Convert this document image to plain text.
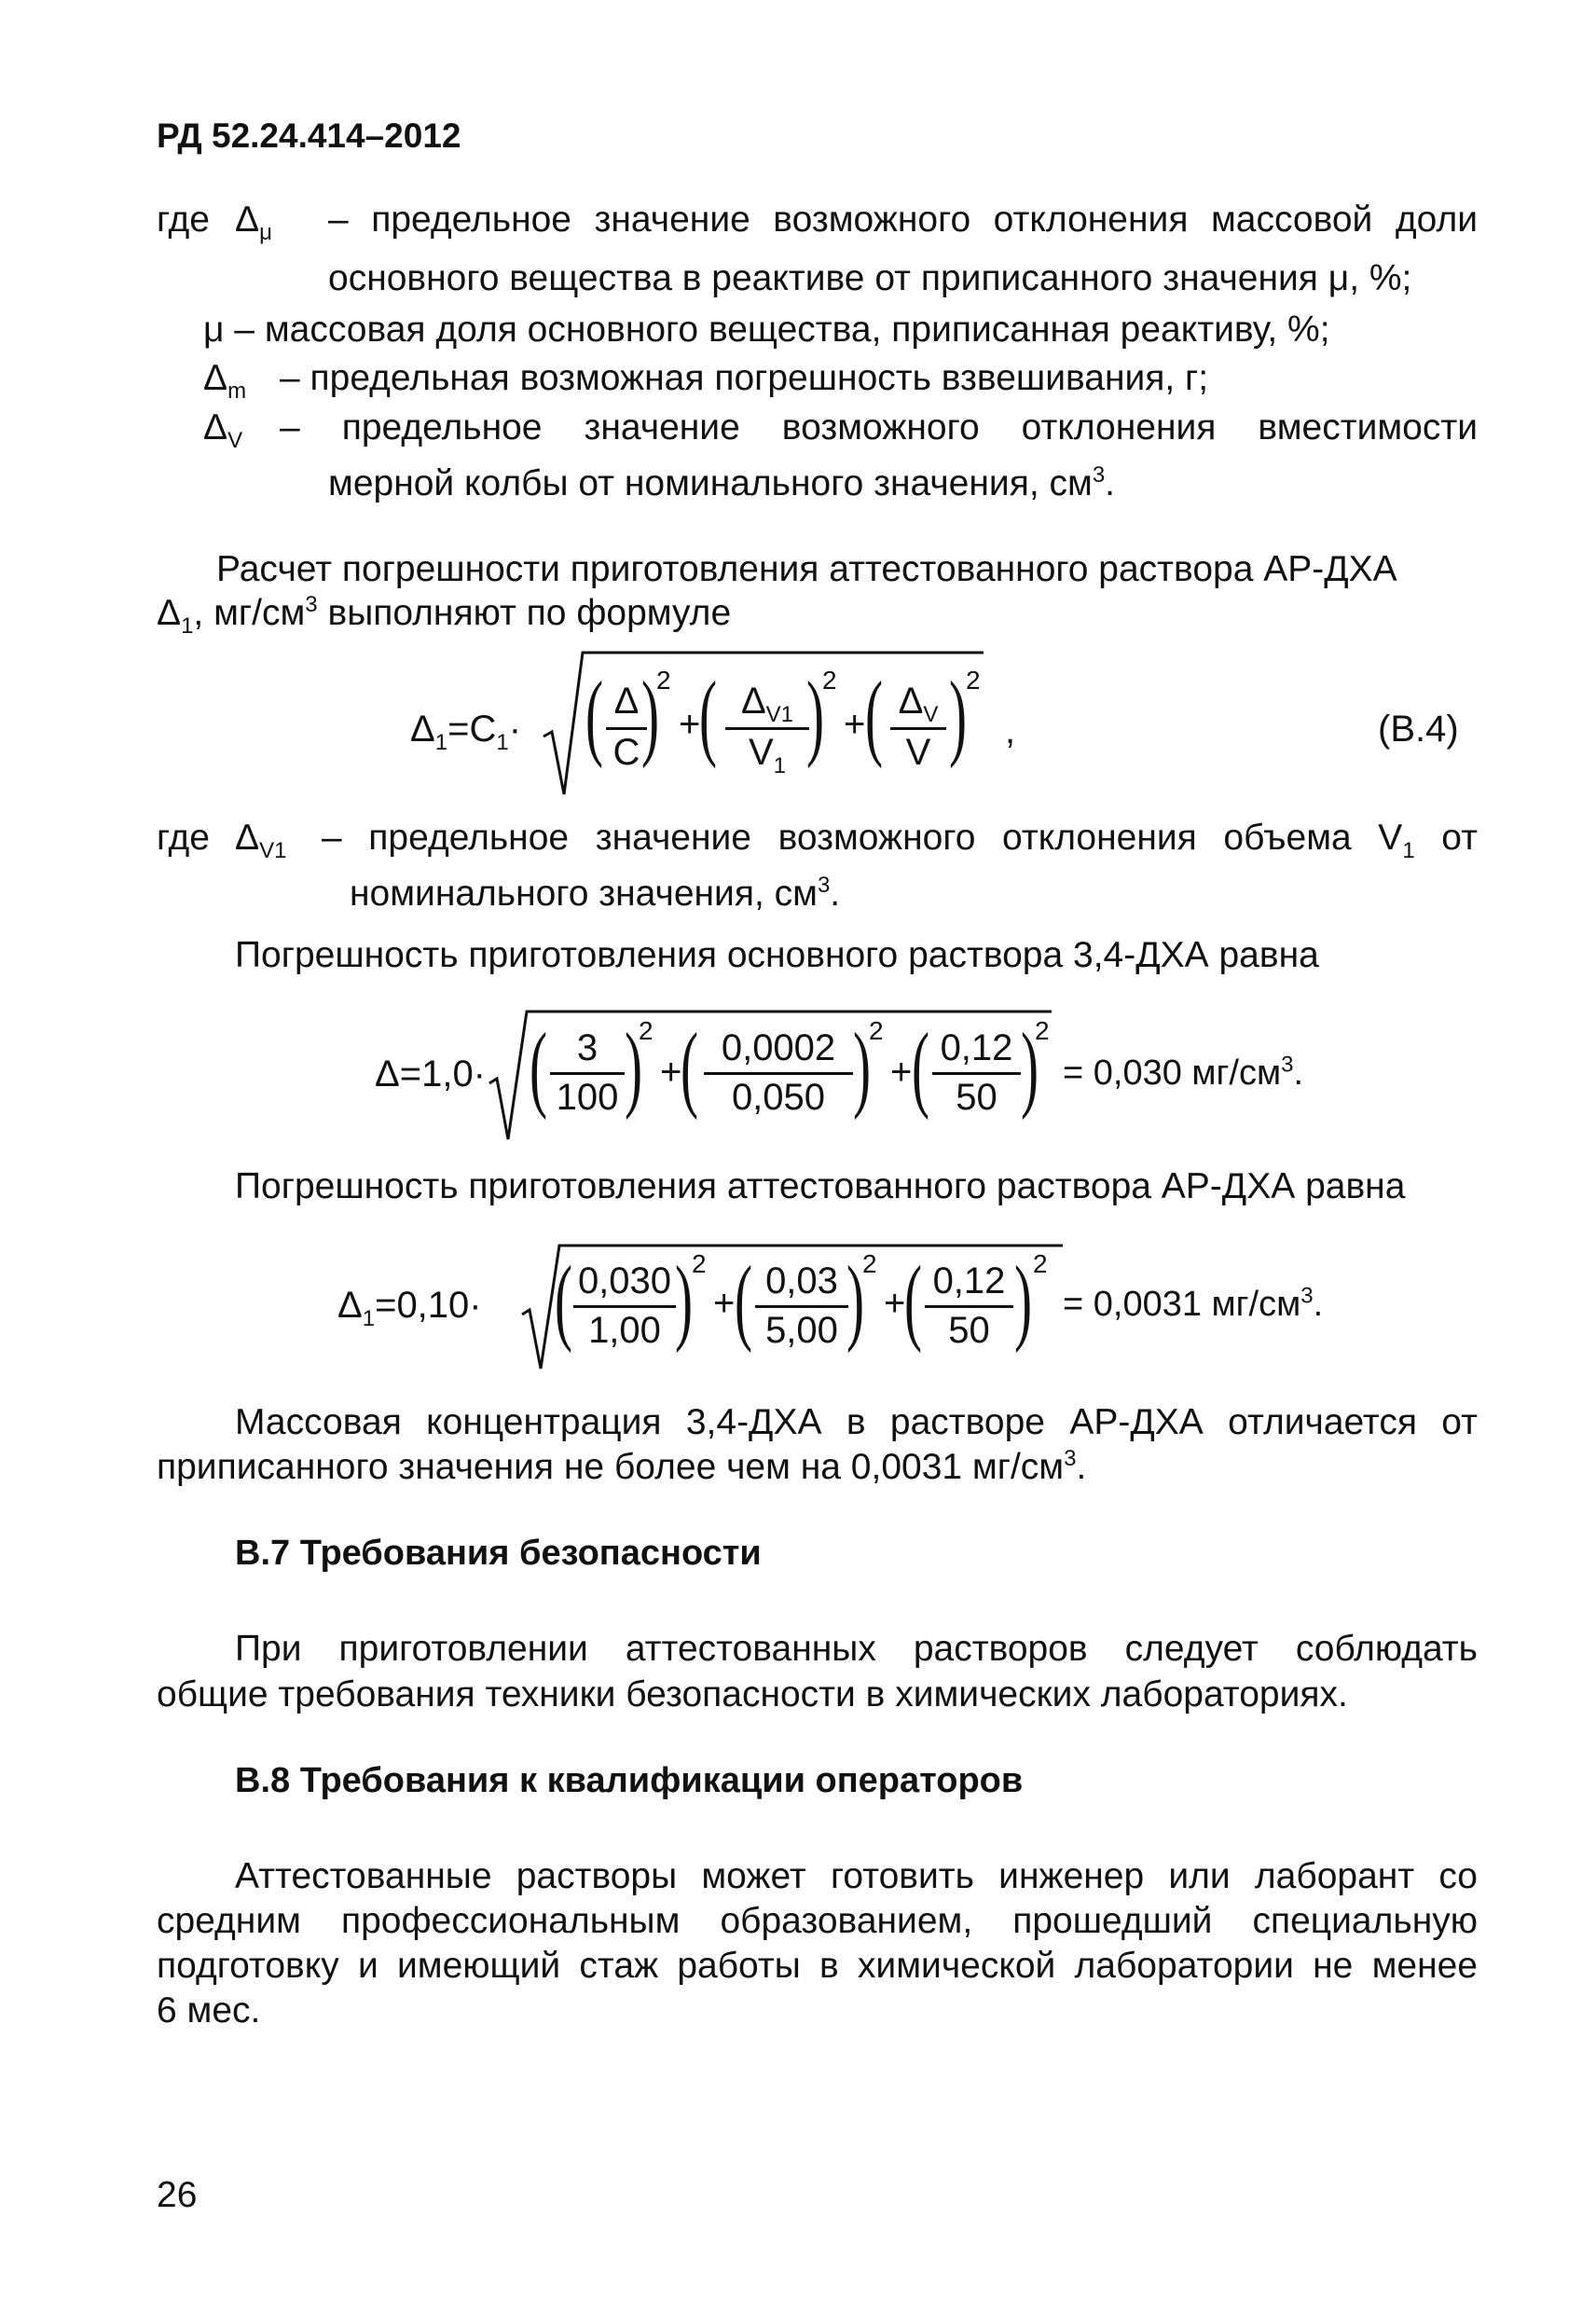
РД 52.24.414–2012
где $\Delta_\mu$ – предельное значение возможного отклонения массовой доли
основного вещества в реактиве от приписанного значения μ, %;
μ – массовая доля основного вещества, приписанная реактиву, %;
$\Delta_m$ – предельная возможная погрешность взвешивания, г;
$\Delta_V$ – предельное значение возможного отклонения вместимости
мерной колбы от номинального значения, $см^3$.
Расчет погрешности приготовления аттестованного раствора АР-ДХА
$\Delta_1$, $мг/см^3$ выполняют по формуле
$\Delta_1=C_1\cdot$ ( Δ
C )
2
+
( $\Delta_{V1}$
$V_1$ )
2
+ ( $\Delta_V$
V )
2
,	(В.4)
где $\Delta_{V1}$ – предельное значение возможного отклонения объема $V_1$ от
номинального значения, $см^3$.
Погрешность приготовления основного раствора 3,4-ДХА равна
Δ=1,0· ( 3
100 )
2
+
( 0,0002
0,050 )
2
+ ( 0,12
50 )
2
= 0,030 $мг/см^3$.
Погрешность приготовления аттестованного раствора АР-ДХА равна
$\Delta_1=0,10\cdot$ ( 0,030
1,00 )
2
+ ( 0,03
5,00 )
2
+
( 0,12
50 ) 2
= 0,0031 $мг/см^3$.
Массовая концентрация 3,4-ДХА в растворе АР-ДХА отличается от
приписанного значения не более чем на 0,0031 $мг/см^3$.
В.7 Требования безопасности
При приготовлении аттестованных растворов следует соблюдать
общие требования техники безопасности в химических лабораториях.
В.8 Требования к квалификации операторов
Аттестованные растворы может готовить инженер или лаборант со
средним профессиональным образованием, прошедший специальную
подготовку и имеющий стаж работы в химической лаборатории не менее
6 мес.
26
